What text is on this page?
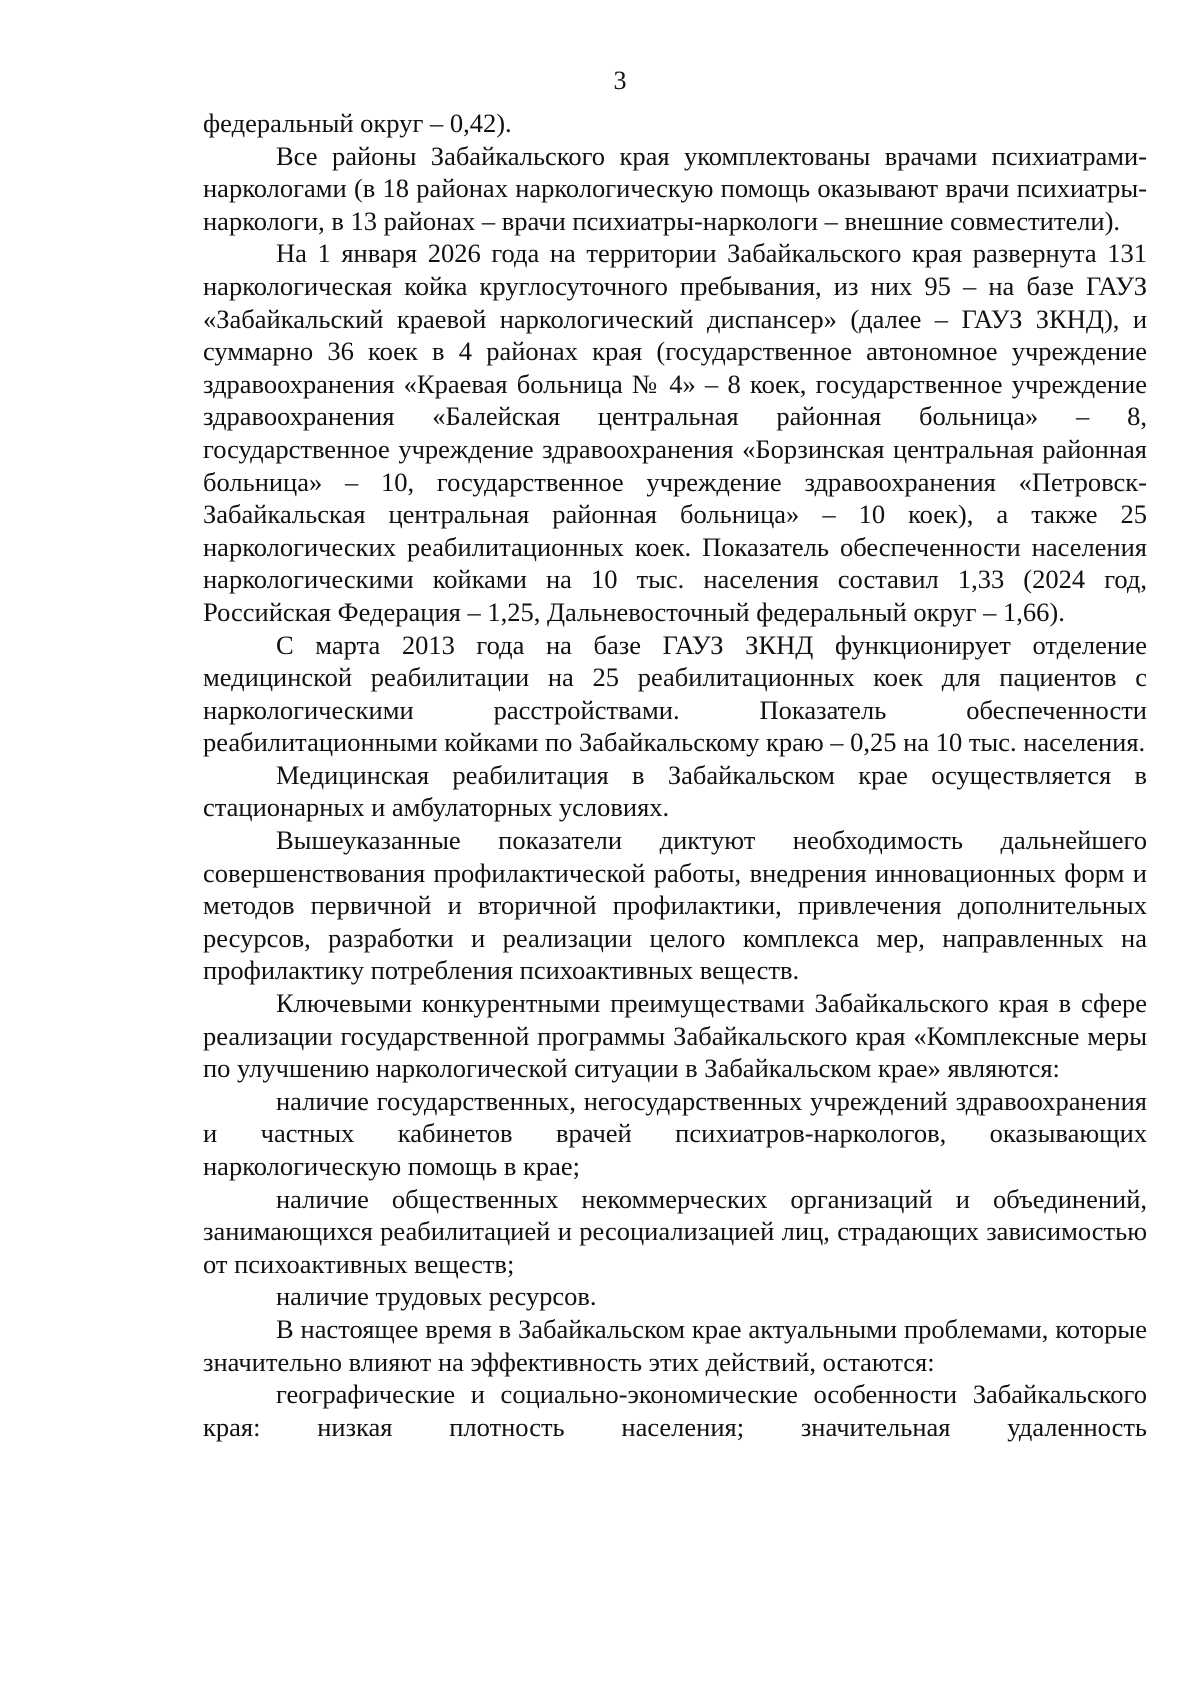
3

федеральный округ – 0,42).

Все районы Забайкальского края укомплектованы врачами психиатрами-наркологами (в 18 районах наркологическую помощь оказывают врачи психиатры-наркологи, в 13 районах – врачи психиатры-наркологи – внешние совместители).

На 1 января 2026 года на территории Забайкальского края развернута 131 наркологическая койка круглосуточного пребывания, из них 95 – на базе ГАУЗ «Забайкальский краевой наркологический диспансер» (далее – ГАУЗ ЗКНД), и суммарно 36 коек в 4 районах края (государственное автономное учреждение здравоохранения «Краевая больница № 4» – 8 коек, государственное учреждение здравоохранения «Балейская центральная районная больница» – 8, государственное учреждение здравоохранения «Борзинская центральная районная больница» – 10, государственное учреждение здравоохранения «Петровск-Забайкальская центральная районная больница» – 10 коек), а также 25 наркологических реабилитационных коек. Показатель обеспеченности населения наркологическими койками на 10 тыс. населения составил 1,33 (2024 год, Российская Федерация – 1,25, Дальневосточный федеральный округ – 1,66).

С марта 2013 года на базе ГАУЗ ЗКНД функционирует отделение медицинской реабилитации на 25 реабилитационных коек для пациентов с наркологическими расстройствами. Показатель обеспеченности реабилитационными койками по Забайкальскому краю – 0,25 на 10 тыс. населения.

Медицинская реабилитация в Забайкальском крае осуществляется в стационарных и амбулаторных условиях.

Вышеуказанные показатели диктуют необходимость дальнейшего совершенствования профилактической работы, внедрения инновационных форм и методов первичной и вторичной профилактики, привлечения дополнительных ресурсов, разработки и реализации целого комплекса мер, направленных на профилактику потребления психоактивных веществ.

Ключевыми конкурентными преимуществами Забайкальского края в сфере реализации государственной программы Забайкальского края «Комплексные меры по улучшению наркологической ситуации в Забайкальском крае» являются:

наличие государственных, негосударственных учреждений здравоохранения и частных кабинетов врачей психиатров-наркологов, оказывающих наркологическую помощь в крае;

наличие общественных некоммерческих организаций и объединений, занимающихся реабилитацией и ресоциализацией лиц, страдающих зависимостью от психоактивных веществ;

наличие трудовых ресурсов.

В настоящее время в Забайкальском крае актуальными проблемами, которые значительно влияют на эффективность этих действий, остаются:

географические и социально-экономические особенности Забайкальского края: низкая плотность населения; значительная удаленность
